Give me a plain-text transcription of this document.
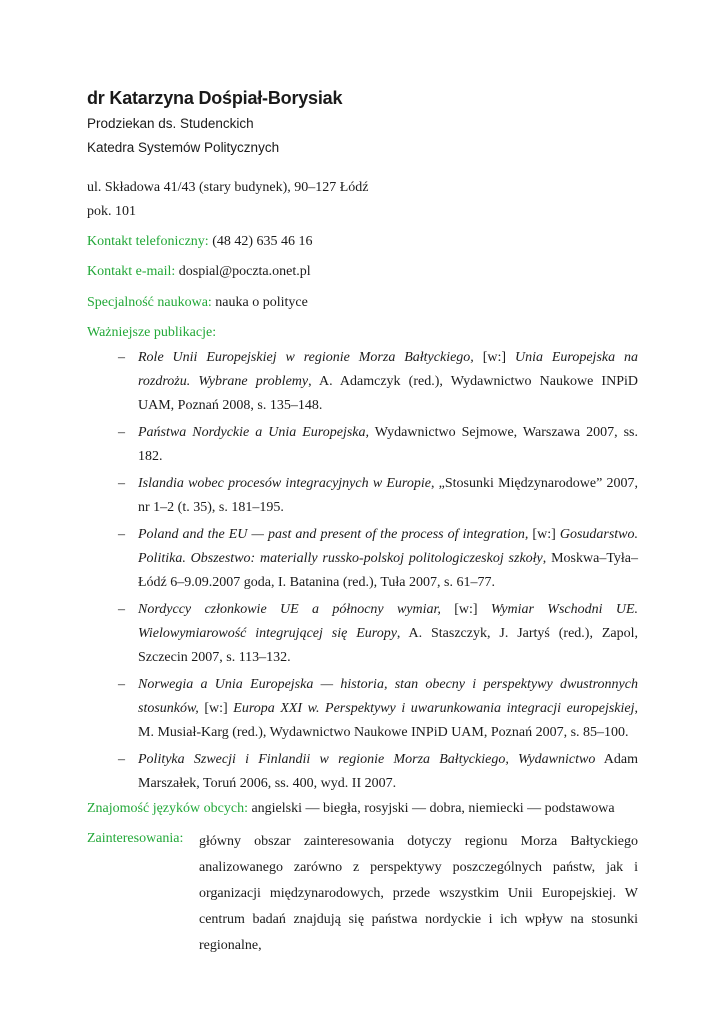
dr Katarzyna Dośpiał-Borysiak
Prodziekan ds. Studenckich
Katedra Systemów Politycznych
ul. Składowa 41/43 (stary budynek), 90–127 Łódź
pok. 101
Kontakt telefoniczny: (48 42) 635 46 16
Kontakt e-mail: dospial@poczta.onet.pl
Specjalność naukowa: nauka o polityce
Ważniejsze publikacje:
– Role Unii Europejskiej w regionie Morza Bałtyckiego, [w:] Unia Europejska na rozdrożu. Wybrane problemy, A. Adamczyk (red.), Wydawnictwo Naukowe INPiD UAM, Poznań 2008, s. 135–148.
– Państwa Nordyckie a Unia Europejska, Wydawnictwo Sejmowe, Warszawa 2007, ss. 182.
– Islandia wobec procesów integracyjnych w Europie, „Stosunki Międzynarodowe” 2007, nr 1–2 (t. 35), s. 181–195.
– Poland and the EU — past and present of the process of integration, [w:] Gosudarstwo. Politika. Obszestwo: materially russko-polskoj politologiczeskoj szkoły, Moskwa–Tyła–Łódź 6–9.09.2007 goda, I. Batanina (red.), Tuła 2007, s. 61–77.
– Nordyccy członkowie UE a północny wymiar, [w:] Wymiar Wschodni UE. Wielowymiarowość integrującej się Europy, A. Staszczyk, J. Jartyś (red.), Zapol, Szczecin 2007, s. 113–132.
– Norwegia a Unia Europejska — historia, stan obecny i perspektywy dwustronnych stosunków, [w:] Europa XXI w. Perspektywy i uwarunkowania integracji europejskiej, M. Musiał-Karg (red.), Wydawnictwo Naukowe INPiD UAM, Poznań 2007, s. 85–100.
– Polityka Szwecji i Finlandii w regionie Morza Bałtyckiego, Wydawnictwo Adam Marszałek, Toruń 2006, ss. 400, wyd. II 2007.
Znajomość języków obcych: angielski — biegła, rosyjski — dobra, niemiecki — podstawowa
Zainteresowania: główny obszar zainteresowania dotyczy regionu Morza Bałtyckiego analizowanego zarówno z perspektywy poszczególnych państw, jak i organizacji międzynarodowych, przede wszystkim Unii Europejskiej. W centrum badań znajdują się państwa nordyckie i ich wpływ na stosunki regionalne,
